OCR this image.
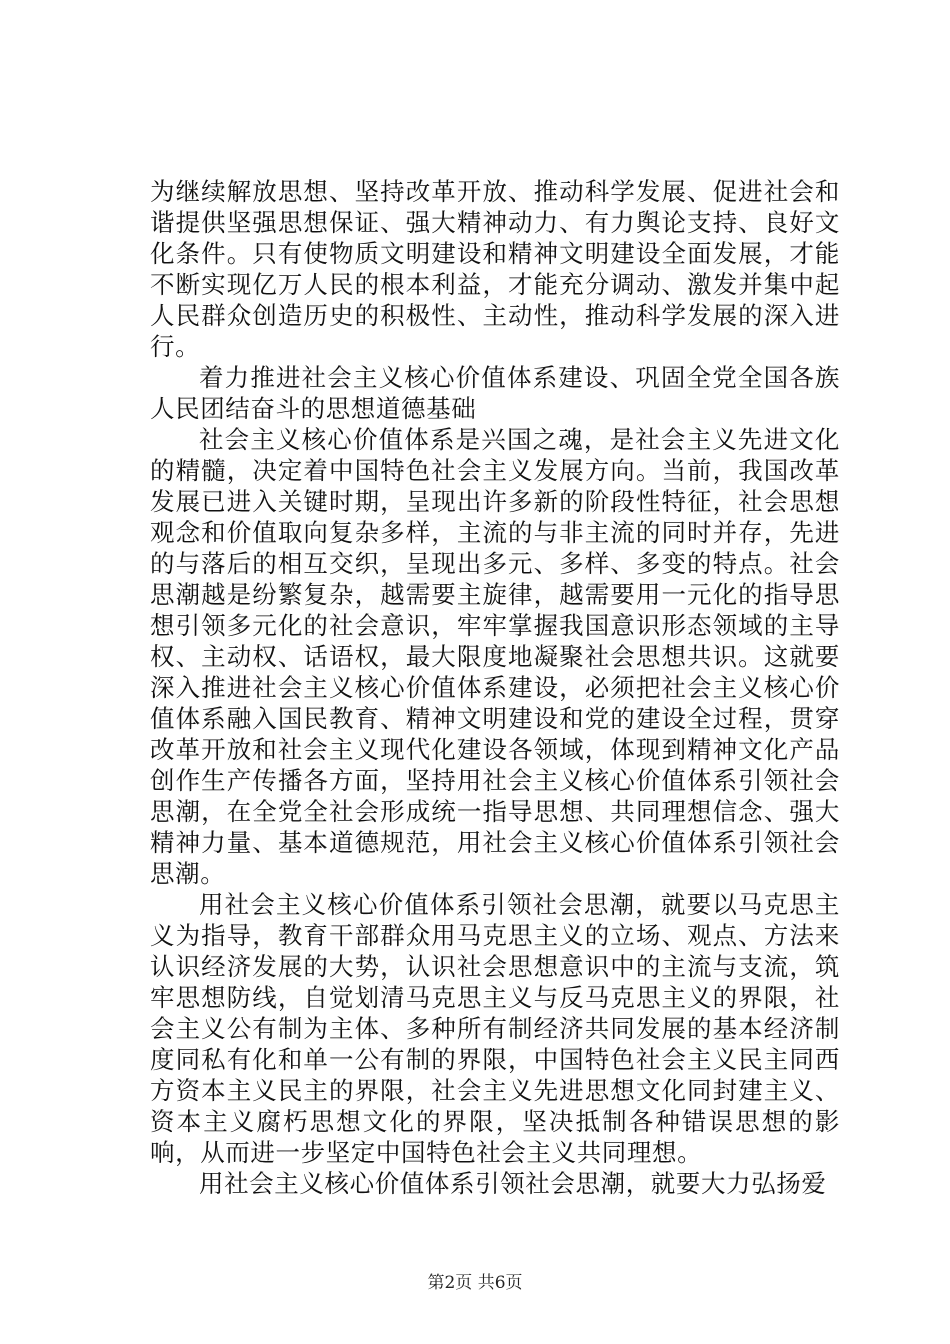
为继续解放思想、坚持改革开放、推动科学发展、促进社会和谐提供坚强思想保证、强大精神动力、有力舆论支持、良好文化条件。只有使物质文明建设和精神文明建设全面发展，才能不断实现亿万人民的根本利益，才能充分调动、激发并集中起人民群众创造历史的积极性、主动性，推动科学发展的深入进行。

着力推进社会主义核心价值体系建设、巩固全党全国各族人民团结奋斗的思想道德基础

社会主义核心价值体系是兴国之魂，是社会主义先进文化的精髓，决定着中国特色社会主义发展方向。当前，我国改革发展已进入关键时期，呈现出许多新的阶段性特征，社会思想观念和价值取向复杂多样，主流的与非主流的同时并存，先进的与落后的相互交织，呈现出多元、多样、多变的特点。社会思潮越是纷繁复杂，越需要主旋律，越需要用一元化的指导思想引领多元化的社会意识，牢牢掌握我国意识形态领域的主导权、主动权、话语权，最大限度地凝聚社会思想共识。这就要深入推进社会主义核心价值体系建设，必须把社会主义核心价值体系融入国民教育、精神文明建设和党的建设全过程，贯穿改革开放和社会主义现代化建设各领域，体现到精神文化产品创作生产传播各方面，坚持用社会主义核心价值体系引领社会思潮，在全党全社会形成统一指导思想、共同理想信念、强大精神力量、基本道德规范，用社会主义核心价值体系引领社会思潮。

用社会主义核心价值体系引领社会思潮，就要以马克思主义为指导，教育干部群众用马克思主义的立场、观点、方法来认识经济发展的大势，认识社会思想意识中的主流与支流，筑牢思想防线，自觉划清马克思主义与反马克思主义的界限，社会主义公有制为主体、多种所有制经济共同发展的基本经济制度同私有化和单一公有制的界限，中国特色社会主义民主同西方资本主义民主的界限，社会主义先进思想文化同封建主义、资本主义腐朽思想文化的界限，坚决抵制各种错误思想的影响，从而进一步坚定中国特色社会主义共同理想。

用社会主义核心价值体系引领社会思潮，就要大力弘扬爱

第2页 共6页
